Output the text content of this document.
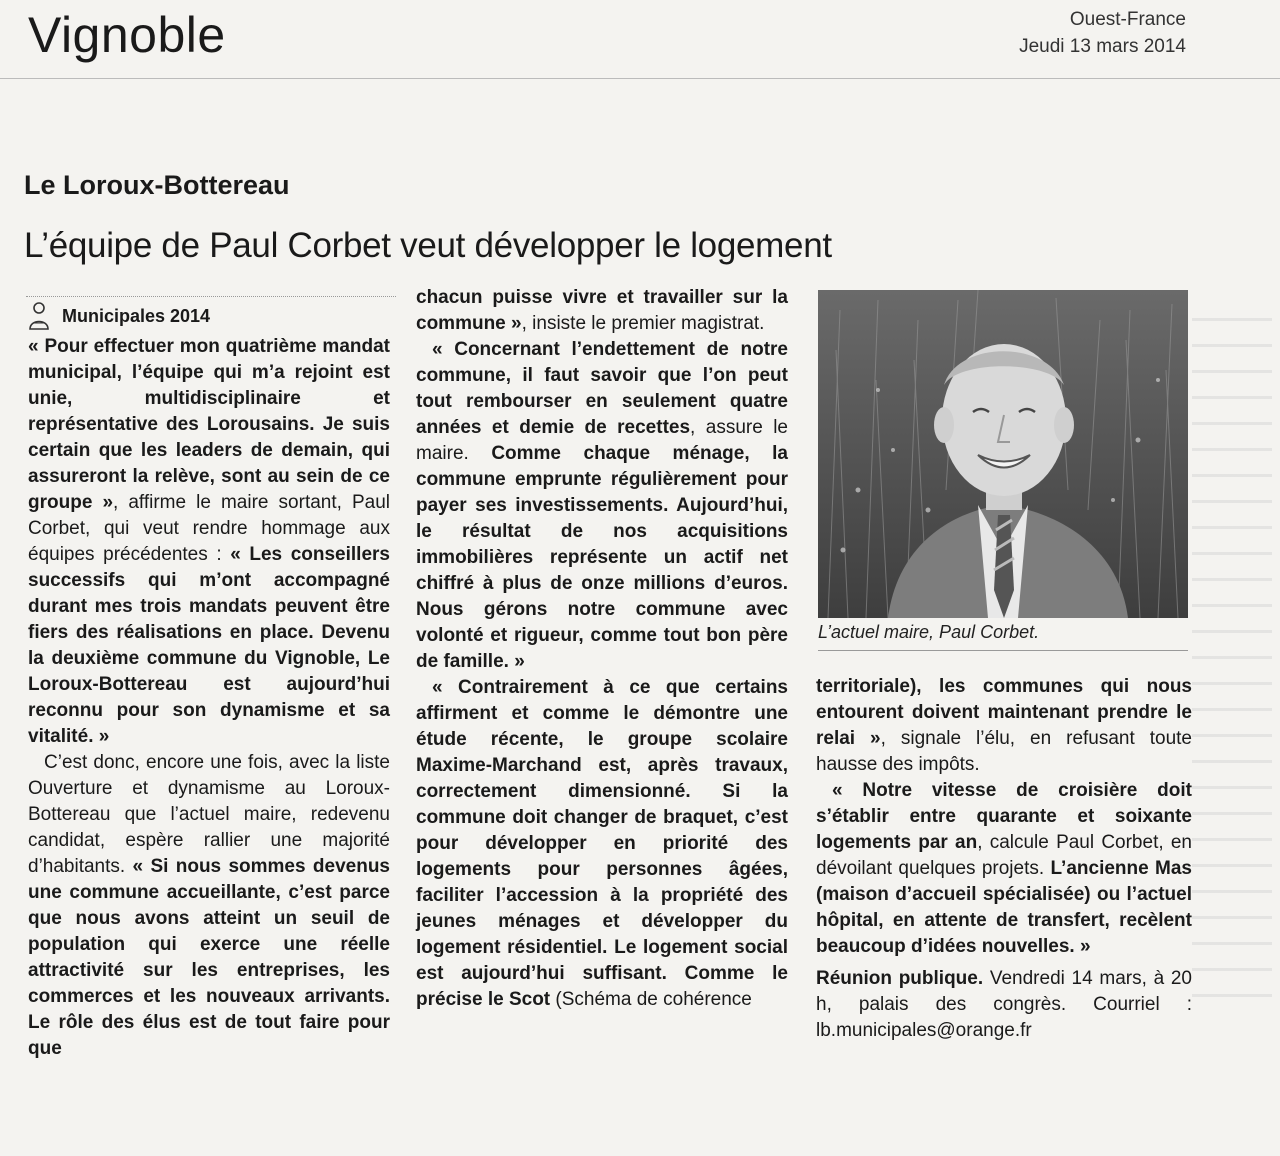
Vignoble	Ouest-France
Jeudi 13 mars 2014
Le Loroux-Bottereau
L’équipe de Paul Corbet veut développer le logement
Municipales 2014

« Pour effectuer mon quatrième mandat municipal, l’équipe qui m’a rejoint est unie, multidisciplinaire et représentative des Lorousains. Je suis certain que les leaders de demain, qui assureront la relève, sont au sein de ce groupe », affirme le maire sortant, Paul Corbet, qui veut rendre hommage aux équipes précédentes : « Les conseillers successifs qui m’ont accompagné durant mes trois mandats peuvent être fiers des réalisations en place. Devenu la deuxième commune du Vignoble, Le Loroux-Bottereau est aujourd’hui reconnu pour son dynamisme et sa vitalité. »

C’est donc, encore une fois, avec la liste Ouverture et dynamisme au Loroux-Bottereau que l’actuel maire, redevenu candidat, espère rallier une majorité d’habitants. « Si nous sommes devenus une commune accueillante, c’est parce que nous avons atteint un seuil de population qui exerce une réelle attractivité sur les entreprises, les commerces et les nouveaux arrivants. Le rôle des élus est de tout faire pour que

chacun puisse vivre et travailler sur la commune », insiste le premier magistrat.

« Concernant l’endettement de notre commune, il faut savoir que l’on peut tout rembourser en seulement quatre années et demie de recettes, assure le maire. Comme chaque ménage, la commune emprunte régulièrement pour payer ses investissements. Aujourd’hui, le résultat de nos acquisitions immobilières représente un actif net chiffré à plus de onze millions d’euros. Nous gérons notre commune avec volonté et rigueur, comme tout bon père de famille. »

« Contrairement à ce que certains affirment et comme le démontre une étude récente, le groupe scolaire Maxime-Marchand est, après travaux, correctement dimensionné. Si la commune doit changer de braquet, c’est pour développer en priorité des logements pour personnes âgées, faciliter l’accession à la propriété des jeunes ménages et développer du logement résidentiel. Le logement social est aujourd’hui suffisant. Comme le précise le Scot (Schéma de cohérence

L’actuel maire, Paul Corbet.

territoriale), les communes qui nous entourent doivent maintenant prendre le relai », signale l’élu, en refusant toute hausse des impôts.

« Notre vitesse de croisière doit s’établir entre quarante et soixante logements par an, calcule Paul Corbet, en dévoilant quelques projets. L’ancienne Mas (maison d’accueil spécialisée) ou l’actuel hôpital, en attente de transfert, recèlent beaucoup d’idées nouvelles. »

Réunion publique. Vendredi 14 mars, à 20 h, palais des congrès. Courriel : lb.municipales@orange.fr
